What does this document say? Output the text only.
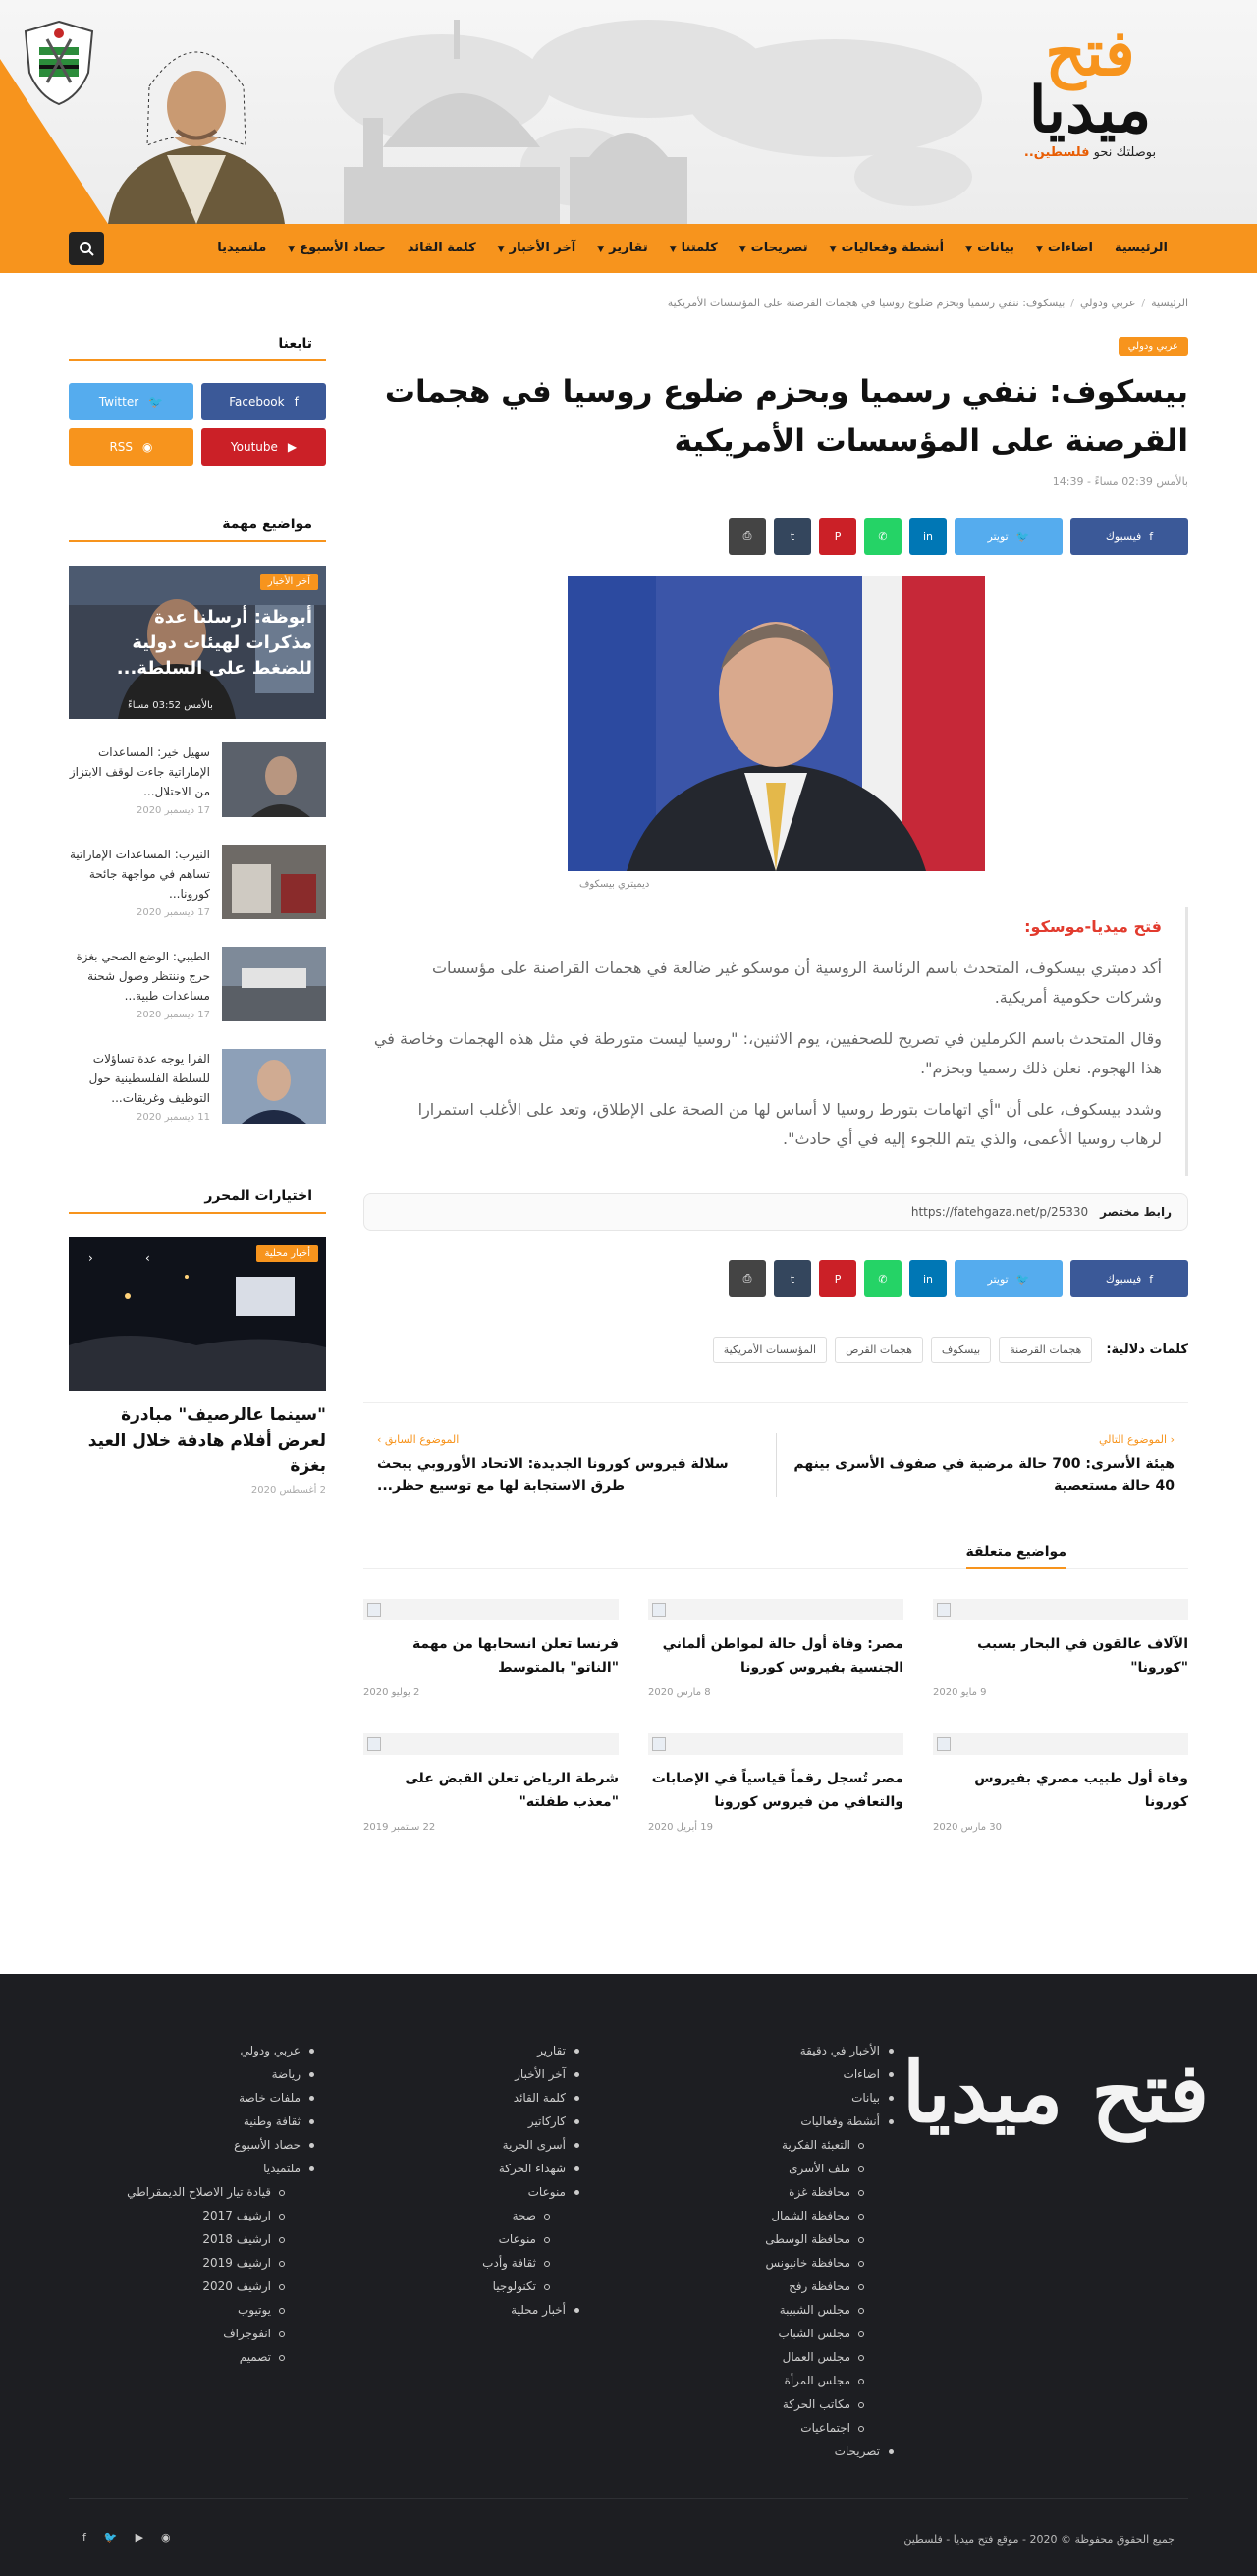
فتح
ميديا
بوصلتك نحو فلسطين..
الرئيسية
اضاءات▼
بيانات▼
أنشطة وفعاليات▼
تصريحات▼
كلمتنا▼
تقارير▼
آخر الأخبار▼
كلمة القائد
حصاد الأسبوع▼
ملتميديا
الرئيسية
/
عربي ودولي
/
بيسكوف: ننفي رسميا وبحزم ضلوع روسيا في هجمات القرصنة على المؤسسات الأمريكية
عربي ودولي
بيسكوف: ننفي رسميا وبحزم ضلوع روسيا في هجمات القرصنة على المؤسسات الأمريكية
بالأمس 02:39 مساءً - 14:39
f
فيسبوك
🐦
تويتر
in
✆
P
t
⎙
ديميتري بيسكوف
فتح ميديا-موسكو:

أكد دميتري بيسكوف، المتحدث باسم الرئاسة الروسية أن موسكو غير ضالعة في هجمات القراصنة على مؤسسات وشركات حكومية أمريكية.

وقال المتحدث باسم الكرملين في تصريح للصحفيين، يوم الاثنين،: "روسيا ليست متورطة في مثل هذه الهجمات وخاصة في هذا الهجوم. نعلن ذلك رسميا وبحزم".

وشدد بيسكوف، على أن "أي اتهامات بتورط روسيا لا أساس لها من الصحة على الإطلاق، وتعد على الأغلب استمرارا لرهاب روسيا الأعمى، والذي يتم اللجوء إليه في أي حادث".

رابط مختصر
https://fatehgaza.net/p/25330
f
فيسبوك
🐦
تويتر
in
✆
P
t
⎙
كلمات دلالية:
هجمات القرصنة
بيسكوف
هجمات القرص
المؤسسات الأمريكية
‹ الموضوع التالي
هيئة الأسرى: 700 حالة مرضية في صفوف الأسرى بينهم 40 حالة مستعصية
الموضوع السابق ›
سلالة فيروس كورونا الجديدة: الاتحاد الأوروبي يبحث طرق الاستجابة لها مع توسيع حظر...
مواضيع متعلقة
الآلاف عالقون في البحار بسبب "كورونا"
9 مايو 2020
مصر: وفاة أول حالة لمواطن ألماني الجنسية بفيروس كورونا
8 مارس 2020
فرنسا تعلن انسحابها من مهمة "الناتو" بالمتوسط
2 يوليو 2020
وفاة أول طبيب مصري بفيروس كورونا
30 مارس 2020
مصر تُسجل رقماً قياسياً في الإصابات والتعافي من فيروس كورونا
19 أبريل 2020
شرطة الرياض تعلن القبض على "معذب طفلته"
22 سبتمبر 2019
تابعنا
f
Facebook
🐦
Twitter
▶
Youtube
◉
RSS
مواضيع مهمة
آخر الأخبار
أبوظة: أرسلنا عدة مذكرات لهيئات دولية للضغط على السلطة...
بالأمس 03:52 مساءً
سهيل خير: المساعدات الإماراتية جاءت لوقف الابتزاز من الاحتلال...
17 ديسمبر 2020
النيرب: المساعدات الإماراتية تساهم في مواجهة جائحة كورونا...
17 ديسمبر 2020
الطيبي: الوضع الصحي بغزة حرج وننتظر وصول شحنة مساعدات طبية...
17 ديسمبر 2020
الفرا يوجه عدة تساؤلات للسلطة الفلسطينية حول التوظيف وغريقات...
11 ديسمبر 2020
اختيارات المحرر
أخبار محلية
‹	›
"سينما عالرصيف" مبادرة لعرض أفلام هادفة خلال العيد بغزة
2 أغسطس 2020
فتح ميديا
الأخبار في دقيقة
اضاءات
بيانات
أنشطة وفعاليات
التعبئة الفكرية
ملف الأسرى
محافظة غزة
محافظة الشمال
محافظة الوسطى
محافظة خانيونس
محافظة رفح
مجلس الشبيبة
مجلس الشباب
مجلس العمال
مجلس المرأة
مكاتب الحركة
اجتماعيات
تصريحات
تقارير
آخر الأخبار
كلمة القائد
كاركاتير
أسرى الحرية
شهداء الحركة
منوعات
صحة
منوعات
ثقافة وأدب
تكنولوجيا
أخبار محلية
عربي ودولي
رياضة
ملفات خاصة
ثقافة وطنية
حصاد الأسبوع
ملتميديا
قيادة تيار الاصلاح الديمقراطي
ارشيف 2017
ارشيف 2018
ارشيف 2019
ارشيف 2020
يوتيوب
انفوجراف
تصميم
جميع الحقوق محفوظة © 2020 - موقع فتح ميديا - فلسطين
◉
▶
🐦
f
